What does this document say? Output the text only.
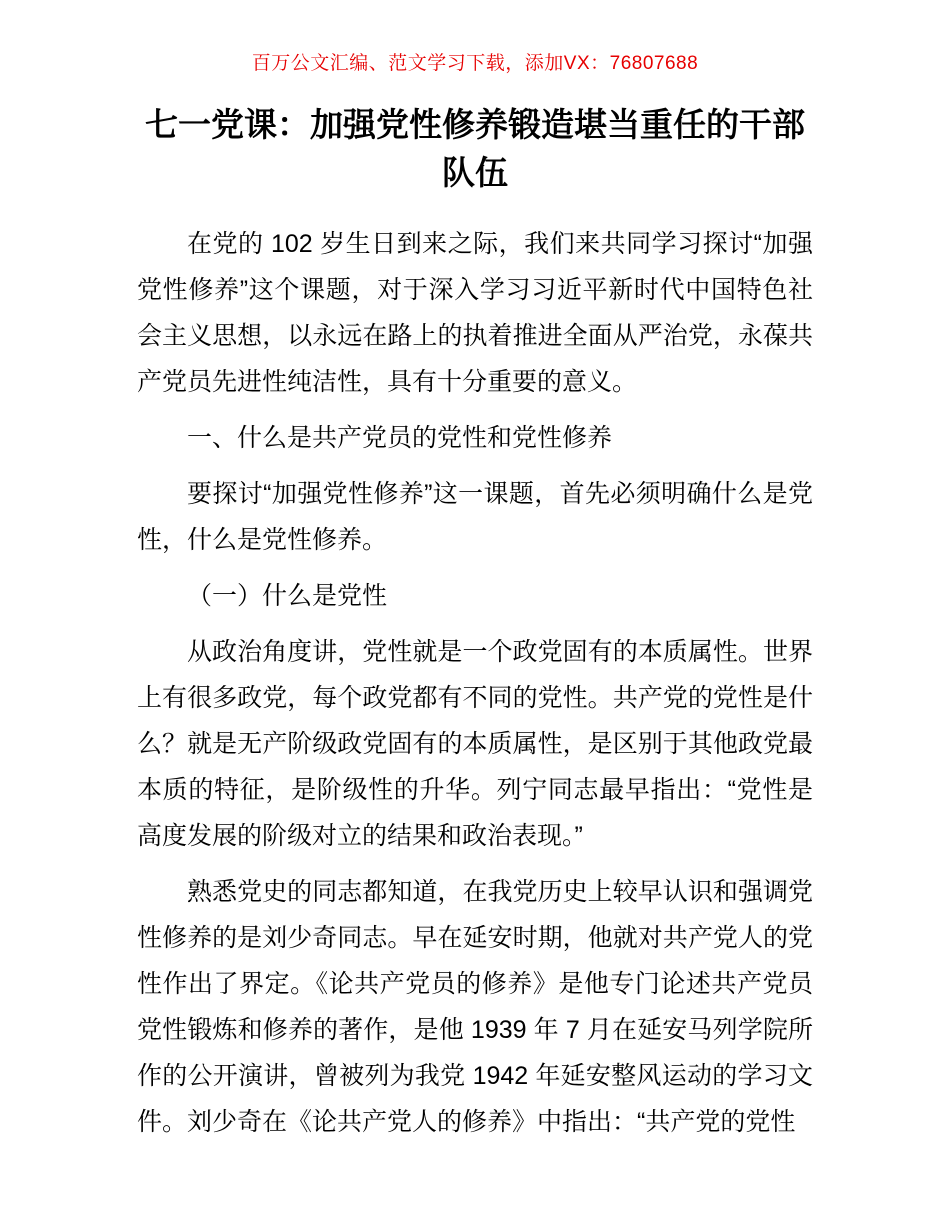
百万公文汇编、范文学习下载，添加VX：76807688
七一党课：加强党性修养锻造堪当重任的干部队伍

在党的 102 岁生日到来之际，我们来共同学习探讨“加强党性修养”这个课题，对于深入学习习近平新时代中国特色社会主义思想，以永远在路上的执着推进全面从严治党，永葆共产党员先进性纯洁性，具有十分重要的意义。

一、什么是共产党员的党性和党性修养

要探讨“加强党性修养”这一课题，首先必须明确什么是党性，什么是党性修养。

（一）什么是党性

从政治角度讲，党性就是一个政党固有的本质属性。世界上有很多政党，每个政党都有不同的党性。共产党的党性是什么？就是无产阶级政党固有的本质属性，是区别于其他政党最本质的特征，是阶级性的升华。列宁同志最早指出：“党性是高度发展的阶级对立的结果和政治表现。”

熟悉党史的同志都知道，在我党历史上较早认识和强调党性修养的是刘少奇同志。早在延安时期，他就对共产党人的党性作出了界定。《论共产党员的修养》是他专门论述共产党员党性锻炼和修养的著作，是他 1939 年 7 月在延安马列学院所作的公开演讲，曾被列为我党 1942 年延安整风运动的学习文件。刘少奇在《论共产党人的修养》中指出：“共产党的党性
